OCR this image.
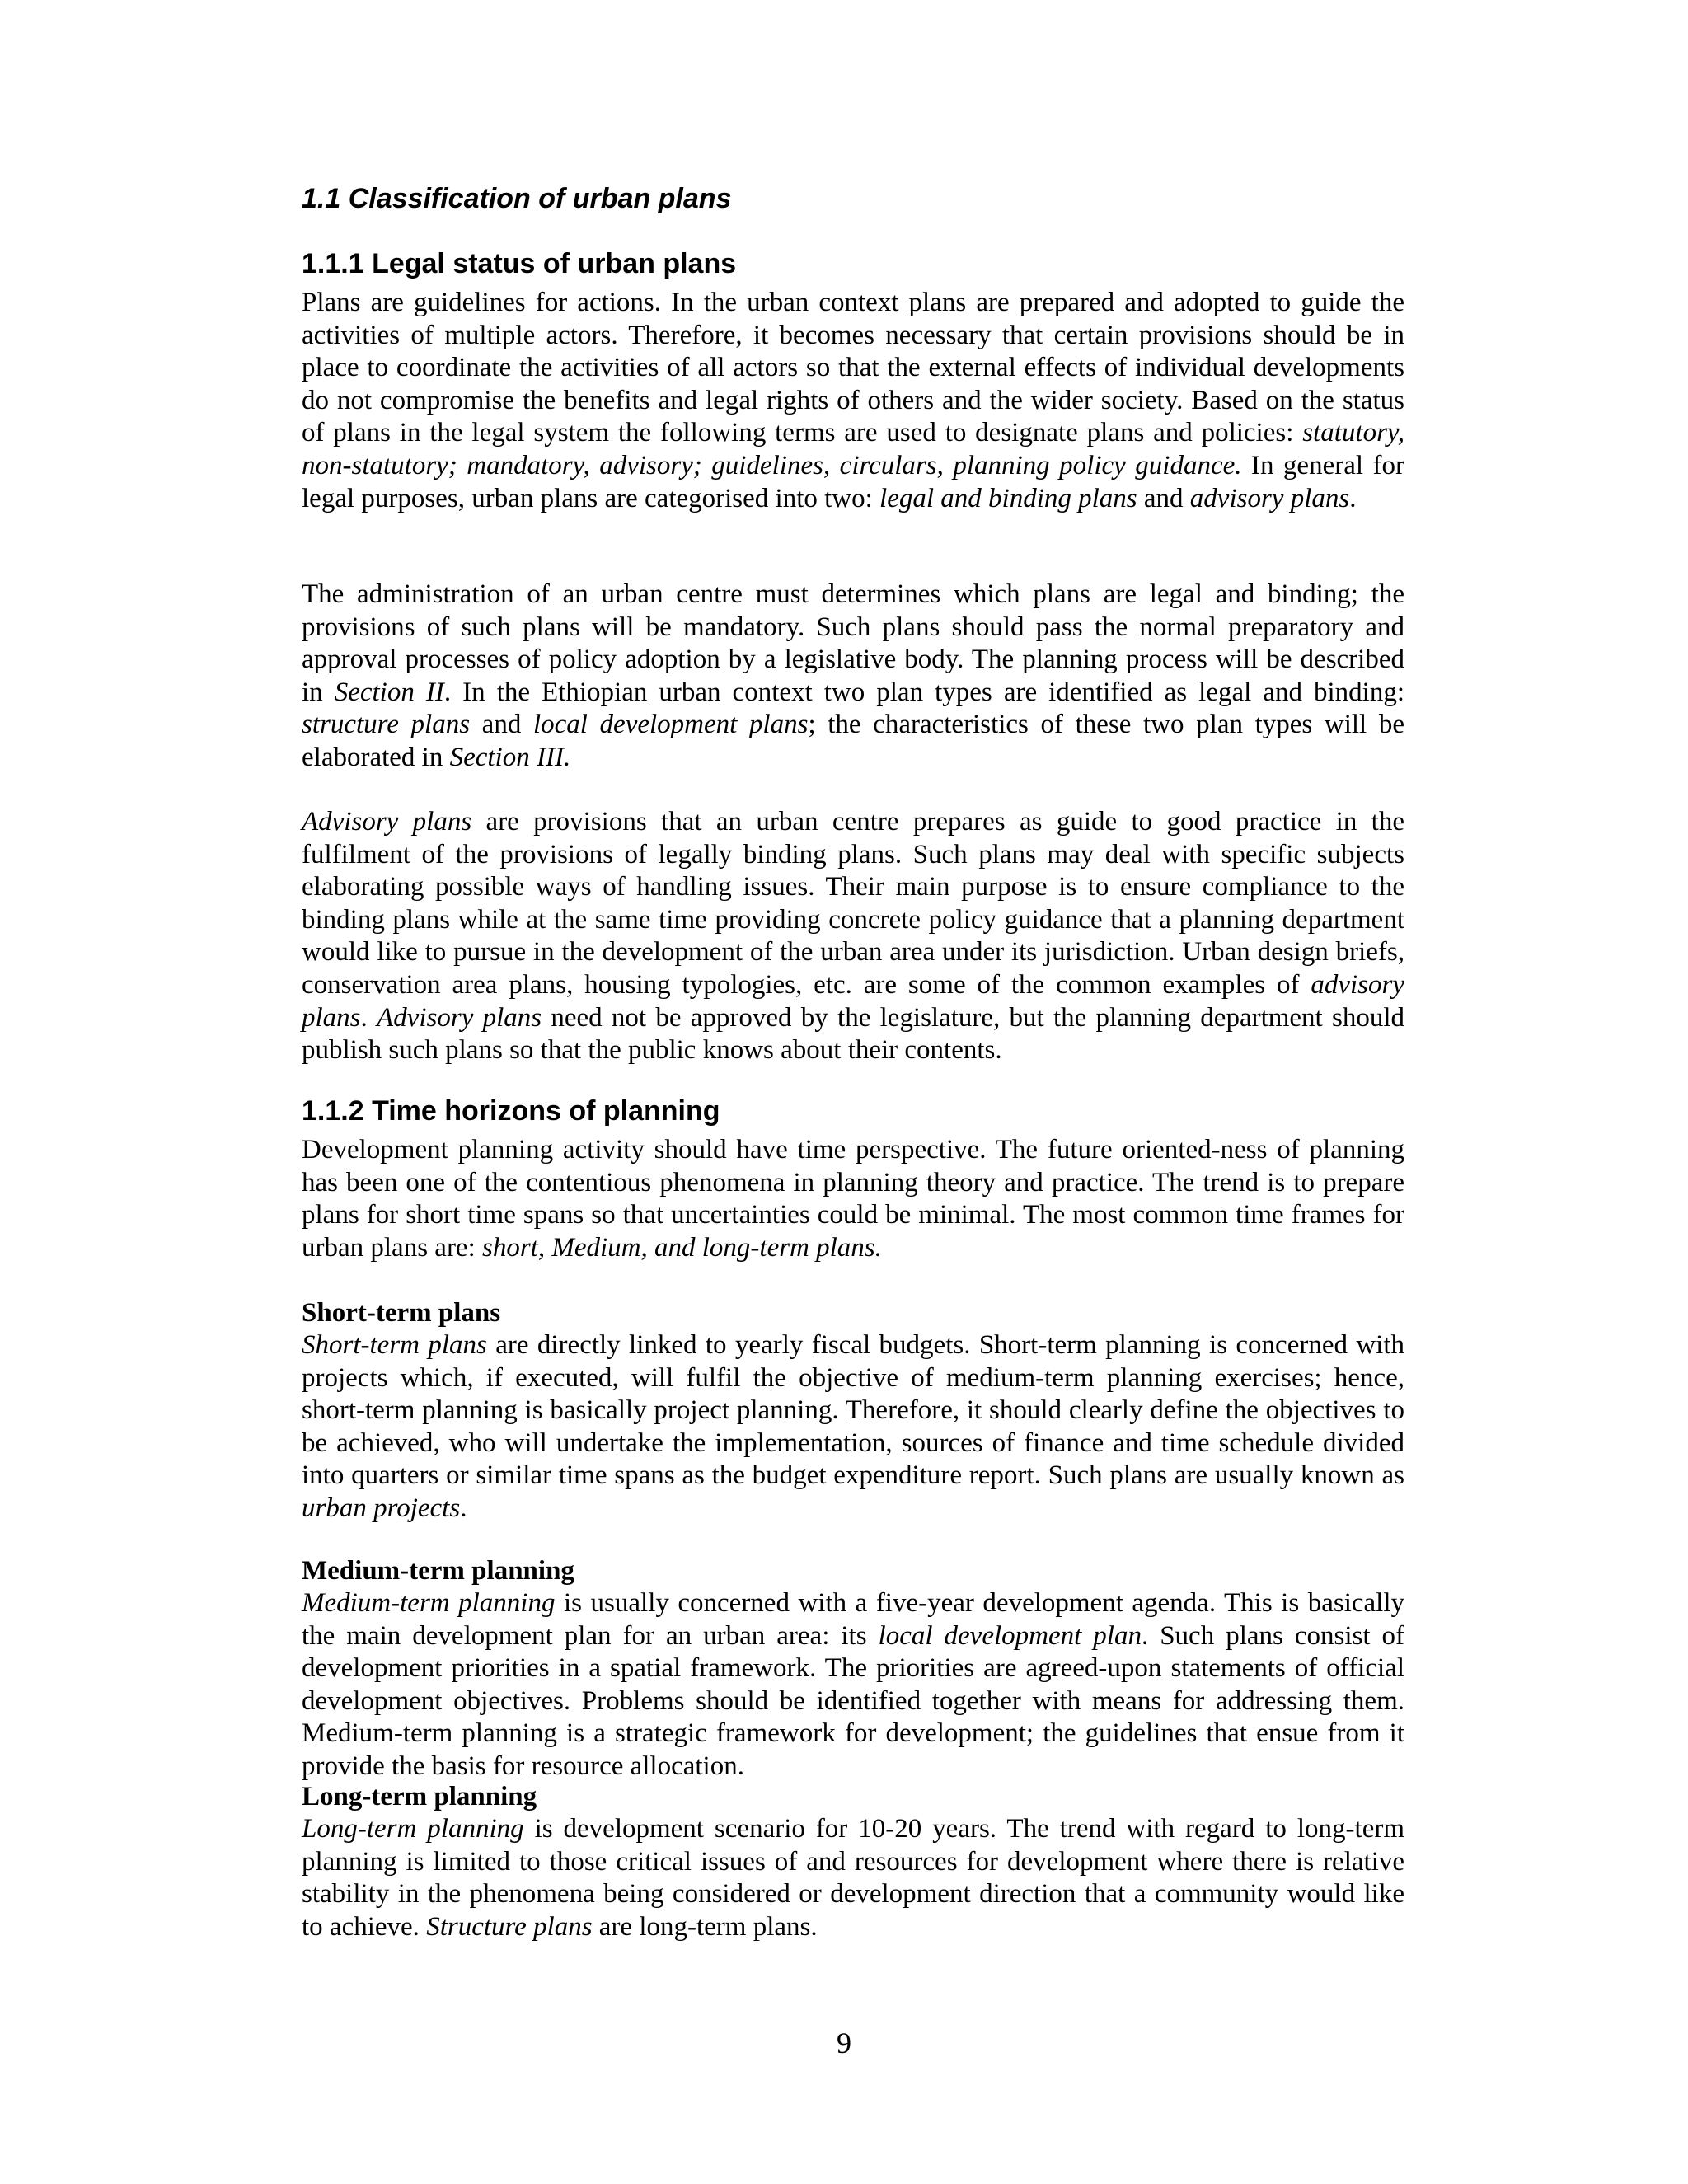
1.1 Classification of urban plans
1.1.1 Legal status of urban plans

Plans are guidelines for actions. In the urban context plans are prepared and adopted to guide the activities of multiple actors. Therefore, it becomes necessary that certain provisions should be in place to coordinate the activities of all actors so that the external effects of individual developments do not compromise the benefits and legal rights of others and the wider society. Based on the status of plans in the legal system the following terms are used to designate plans and policies: statutory, non-statutory; mandatory, advisory; guidelines, circulars, planning policy guidance. In general for legal purposes, urban plans are categorised into two: legal and binding plans and advisory plans.

The administration of an urban centre must determines which plans are legal and binding; the provisions of such plans will be mandatory. Such plans should pass the normal preparatory and approval processes of policy adoption by a legislative body. The planning process will be described in Section II. In the Ethiopian urban context two plan types are identified as legal and binding: structure plans and local development plans; the characteristics of these two plan types will be elaborated in Section III.

Advisory plans are provisions that an urban centre prepares as guide to good practice in the fulfilment of the provisions of legally binding plans. Such plans may deal with specific subjects elaborating possible ways of handling issues. Their main purpose is to ensure compliance to the binding plans while at the same time providing concrete policy guidance that a planning department would like to pursue in the development of the urban area under its jurisdiction. Urban design briefs, conservation area plans, housing typologies, etc. are some of the common examples of advisory plans. Advisory plans need not be approved by the legislature, but the planning department should publish such plans so that the public knows about their contents.

1.1.2 Time horizons of planning

Development planning activity should have time perspective. The future oriented-ness of planning has been one of the contentious phenomena in planning theory and practice. The trend is to prepare plans for short time spans so that uncertainties could be minimal. The most common time frames for urban plans are: short, Medium, and long-term plans.

Short-term plans

Short-term plans are directly linked to yearly fiscal budgets. Short-term planning is concerned with projects which, if executed, will fulfil the objective of medium-term planning exercises; hence, short-term planning is basically project planning. Therefore, it should clearly define the objectives to be achieved, who will undertake the implementation, sources of finance and time schedule divided into quarters or similar time spans as the budget expenditure report. Such plans are usually known as urban projects.

Medium-term planning

Medium-term planning is usually concerned with a five-year development agenda. This is basically the main development plan for an urban area: its local development plan. Such plans consist of development priorities in a spatial framework. The priorities are agreed-upon statements of official development objectives. Problems should be identified together with means for addressing them. Medium-term planning is a strategic framework for development; the guidelines that ensue from it provide the basis for resource allocation.

Long-term planning

Long-term planning is development scenario for 10-20 years. The trend with regard to long-term planning is limited to those critical issues of and resources for development where there is relative stability in the phenomena being considered or development direction that a community would like to achieve. Structure plans are long-term plans.

9
